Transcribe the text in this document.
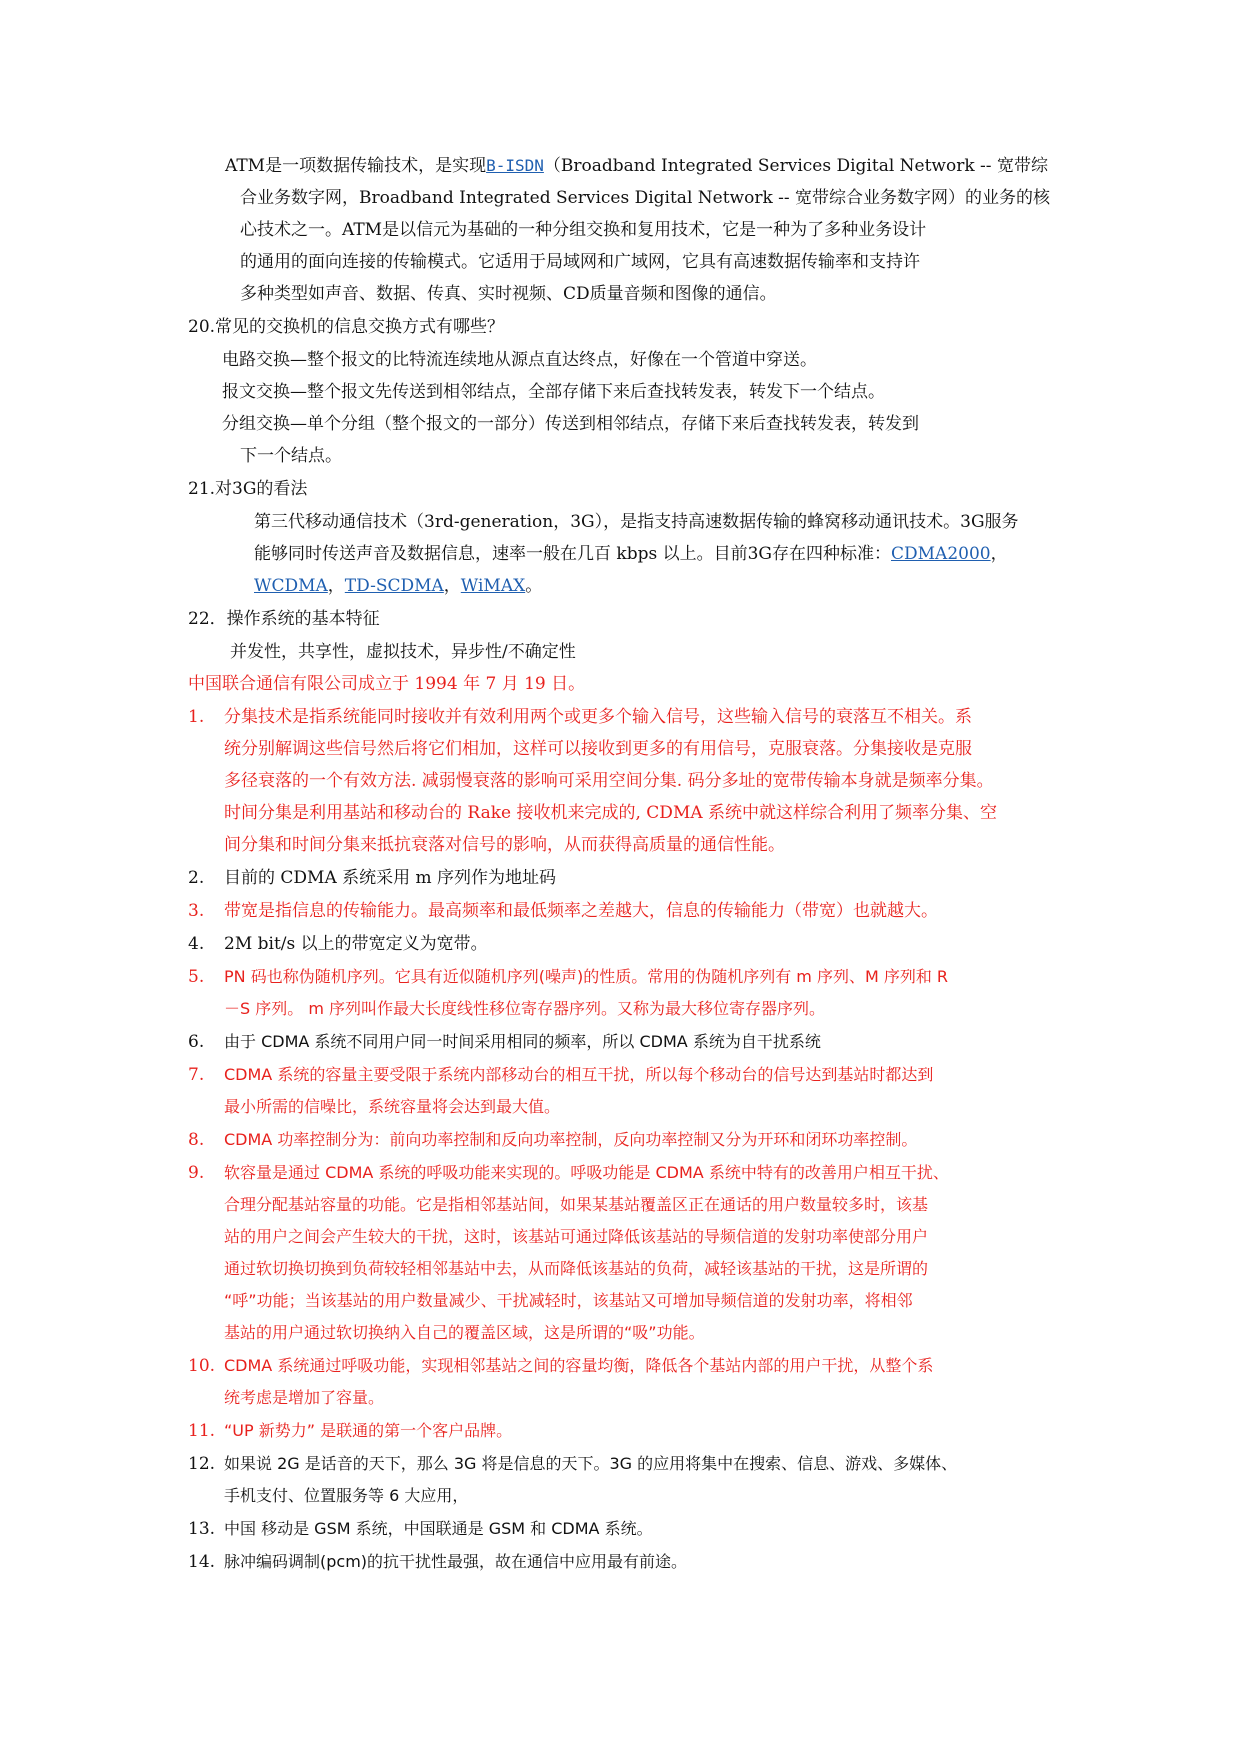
ATM是一项数据传输技术，是实现B-ISDN（Broadband Integrated Services Digital Network -- 宽带综
合业务数字网，Broadband Integrated Services Digital Network -- 宽带综合业务数字网）的业务的核
心技术之一。ATM是以信元为基础的一种分组交换和复用技术，它是一种为了多种业务设计
的通用的面向连接的传输模式。它适用于局域网和广域网，它具有高速数据传输率和支持许
多种类型如声音、数据、传真、实时视频、CD质量音频和图像的通信。
20.常见的交换机的信息交换方式有哪些？
电路交换—整个报文的比特流连续地从源点直达终点，好像在一个管道中穿送。
报文交换—整个报文先传送到相邻结点，全部存储下来后查找转发表，转发下一个结点。
分组交换—单个分组（整个报文的一部分）传送到相邻结点，存储下来后查找转发表，转发到
下一个结点。
21.对3G的看法
第三代移动通信技术（3rd-generation，3G），是指支持高速数据传输的蜂窝移动通讯技术。3G服务
能够同时传送声音及数据信息，速率一般在几百 kbps 以上。目前3G存在四种标准：CDMA2000，
WCDMA，TD-SCDMA，WiMAX。
22．操作系统的基本特征
并发性，共享性，虚拟技术，异步性/不确定性
中国联合通信有限公司成立于 1994 年 7 月 19 日。
1. 分集技术是指系统能同时接收并有效利用两个或更多个输入信号，这些输入信号的衰落互不相关。系
统分别解调这些信号然后将它们相加，这样可以接收到更多的有用信号，克服衰落。分集接收是克服
多径衰落的一个有效方法. 减弱慢衰落的影响可采用空间分集. 码分多址的宽带传输本身就是频率分集。
时间分集是利用基站和移动台的 Rake 接收机来完成的, CDMA 系统中就这样综合利用了频率分集、空
间分集和时间分集来抵抗衰落对信号的影响，从而获得高质量的通信性能。
2. 目前的 CDMA 系统采用 m 序列作为地址码
3. 带宽是指信息的传输能力。最高频率和最低频率之差越大，信息的传输能力（带宽）也就越大。
4. 2M bit/s 以上的带宽定义为宽带。
5. PN 码也称伪随机序列。它具有近似随机序列(噪声)的性质。常用的伪随机序列有 m 序列、M 序列和 R
－S 序列。 m 序列叫作最大长度线性移位寄存器序列。又称为最大移位寄存器序列。
6. 由于 CDMA 系统不同用户同一时间采用相同的频率，所以 CDMA 系统为自干扰系统
7. CDMA 系统的容量主要受限于系统内部移动台的相互干扰，所以每个移动台的信号达到基站时都达到
最小所需的信噪比，系统容量将会达到最大值。
8. CDMA 功率控制分为：前向功率控制和反向功率控制，反向功率控制又分为开环和闭环功率控制。
9. 软容量是通过 CDMA 系统的呼吸功能来实现的。呼吸功能是 CDMA 系统中特有的改善用户相互干扰、
合理分配基站容量的功能。它是指相邻基站间，如果某基站覆盖区正在通话的用户数量较多时，该基
站的用户之间会产生较大的干扰，这时，该基站可通过降低该基站的导频信道的发射功率使部分用户
通过软切换切换到负荷较轻相邻基站中去，从而降低该基站的负荷，减轻该基站的干扰，这是所谓的
“呼”功能；当该基站的用户数量减少、干扰减轻时，该基站又可增加导频信道的发射功率，将相邻
基站的用户通过软切换纳入自己的覆盖区域，这是所谓的“吸”功能。
10. CDMA 系统通过呼吸功能，实现相邻基站之间的容量均衡，降低各个基站内部的用户干扰，从整个系
统考虑是增加了容量。
11. “UP 新势力” 是联通的第一个客户品牌。
12. 如果说 2G 是话音的天下，那么 3G 将是信息的天下。3G 的应用将集中在搜索、信息、游戏、多媒体、
手机支付、位置服务等 6 大应用，
13. 中国 移动是 GSM 系统，中国联通是 GSM 和 CDMA 系统。
14. 脉冲编码调制(pcm)的抗干扰性最强，故在通信中应用最有前途。
